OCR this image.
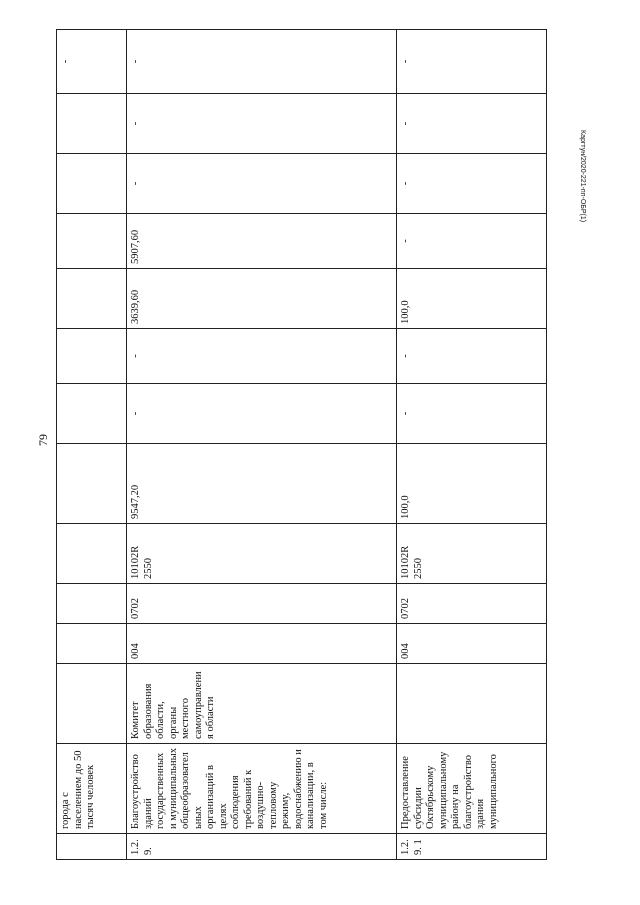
	города с населением до 50 тысяч человек												-
1.2.9.	Благоустройство зданий государственных и муниципальных общеобразовательных организаций в целях соблюдения требований к воздушно-тепловому режиму, водоснабжению и канализации, в том числе:	Комитет образования области, органы местного самоуправления области	004	0702	10102R 2550	9547,20	-	-	3639,60	5907,60	-	-	-
1.2.9. 1	Предоставление субсидии Октябрьскому муниципальному району на благоустройство здания муниципального		004	0702	10102R 2550	100,0	-	-	100,0	-	-	-	-
79
Каргтун/2020-221-пп-ОБР(1)
